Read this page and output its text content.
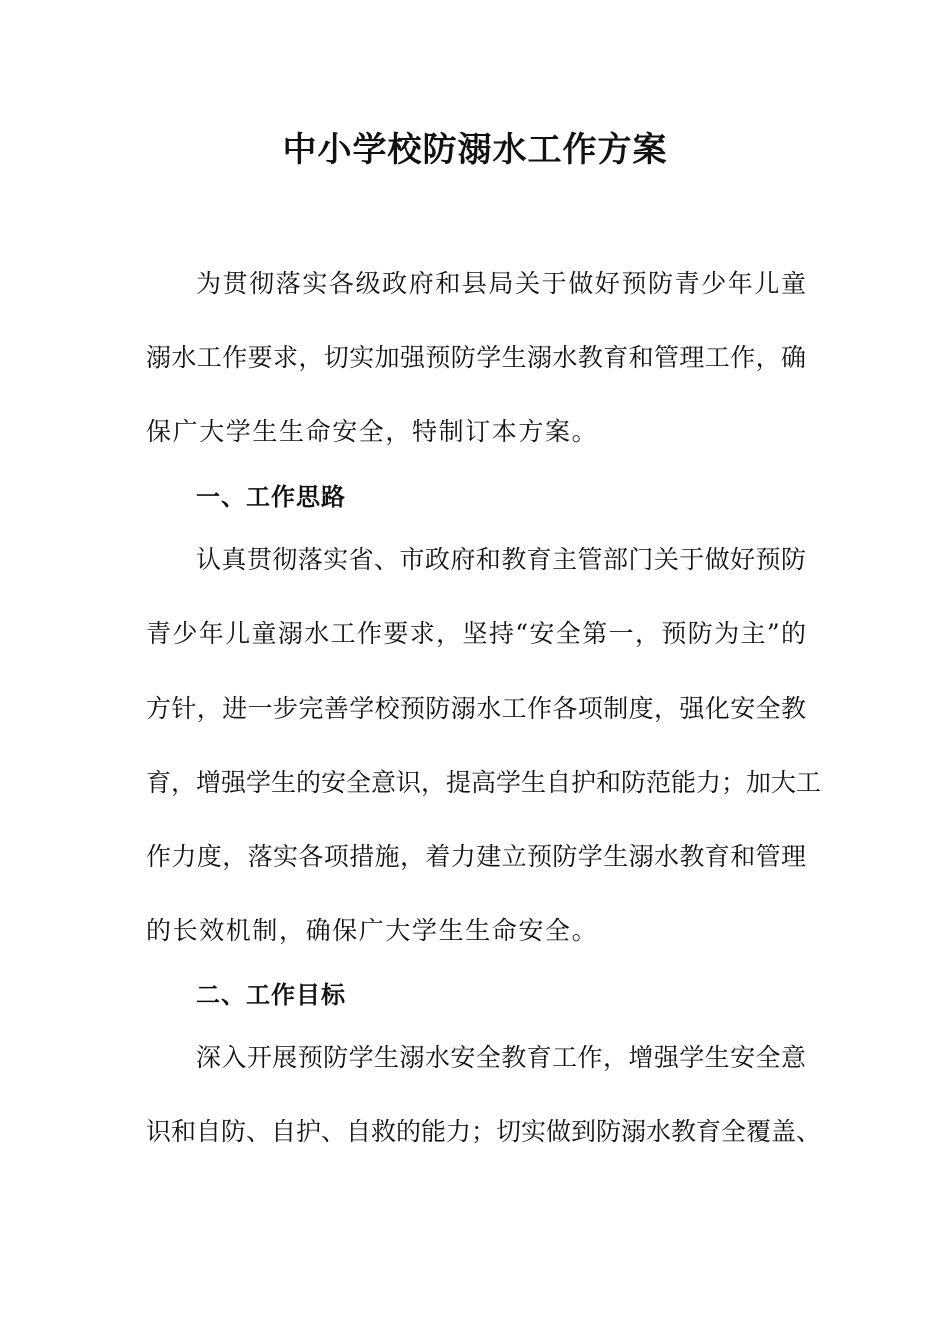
中小学校防溺水工作方案

为贯彻落实各级政府和县局关于做好预防青少年儿童

溺水工作要求，切实加强预防学生溺水教育和管理工作，确

保广大学生生命安全，特制订本方案。

一、工作思路

认真贯彻落实省、市政府和教育主管部门关于做好预防

青少年儿童溺水工作要求，坚持“安全第一，预防为主”的

方针，进一步完善学校预防溺水工作各项制度，强化安全教

育，增强学生的安全意识，提高学生自护和防范能力；加大工

作力度，落实各项措施，着力建立预防学生溺水教育和管理

的长效机制，确保广大学生生命安全。

二、工作目标

深入开展预防学生溺水安全教育工作，增强学生安全意

识和自防、自护、自救的能力；切实做到防溺水教育全覆盖、
